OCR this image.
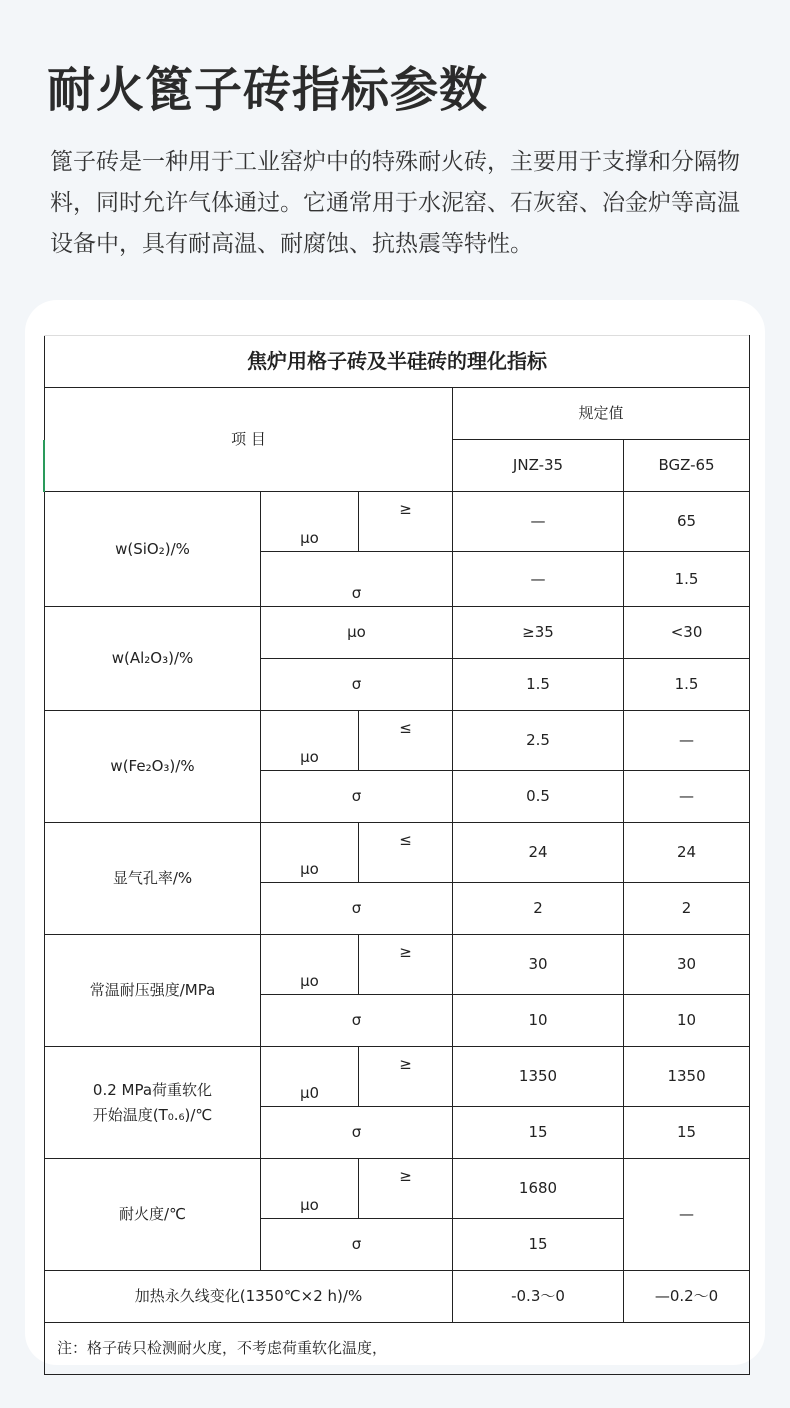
耐火篦子砖指标参数
篦子砖是一种用于工业窑炉中的特殊耐火砖，主要用于支撑和分隔物料，同时允许气体通过。它通常用于水泥窑、石灰窑、冶金炉等高温设备中，具有耐高温、耐腐蚀、抗热震等特性。
焦炉用格子砖及半硅砖的理化指标				
项 目			规定值	
			JNZ-35	BGZ-65
w(SiO₂)/%	μo	≥	—	65
	σ		—	1.5
w(Al₂O₃)/%	μo		≥35	<30
	σ		1.5	1.5
w(Fe₂O₃)/%	μo	≤	2.5	—
	σ		0.5	—
显气孔率/%	μo	≤	24	24
	σ		2	2
常温耐压强度/MPa	μo	≥	30	30
	σ		10	10

0.2 MPa荷重软化
开始温度(T₀.₆)/℃	μ0	≥	1350	1350
	σ		15	15
耐火度/℃	μo	≥	1680	—
	σ		15	
加热永久线变化(1350℃×2 h)/%			-0.3～0	—0.2～0
注：格子砖只检测耐火度，不考虑荷重软化温度，				
